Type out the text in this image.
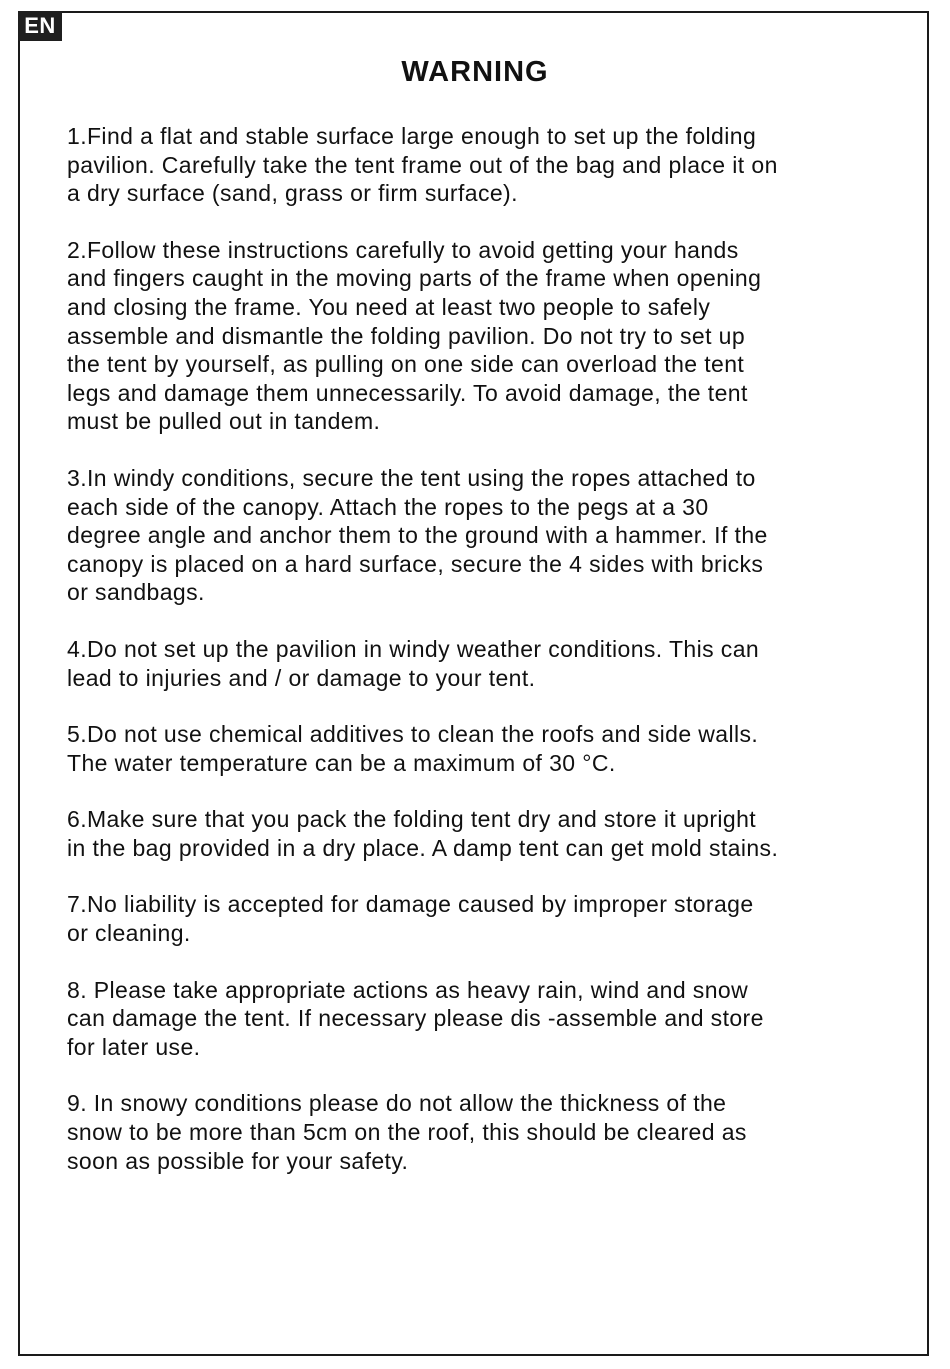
EN
WARNING

1.Find a flat and stable surface large enough to set up the folding
pavilion. Carefully take the tent frame out of the bag and place it on
a dry surface (sand, grass or firm surface).

2.Follow these instructions carefully to avoid getting your hands
and fingers caught in the moving parts of the frame when opening
and closing the frame. You need at least two people to safely
assemble and dismantle the folding pavilion. Do not try to set up
the tent by yourself, as pulling on one side can overload the tent
legs and damage them unnecessarily. To avoid damage, the tent
must be pulled out in tandem.

3.In windy conditions, secure the tent using the ropes attached to
each side of the canopy. Attach the ropes to the pegs at a 30
degree angle and anchor them to the ground with a hammer. If the
canopy is placed on a hard surface, secure the 4 sides with bricks
or sandbags.

4.Do not set up the pavilion in windy weather conditions. This can
lead to injuries and / or damage to your tent.

5.Do not use chemical additives to clean the roofs and side walls.
The water temperature can be a maximum of 30 °C.

6.Make sure that you pack the folding tent dry and store it upright
in the bag provided in a dry place. A damp tent can get mold stains.

7.No liability is accepted for damage caused by improper storage
or cleaning.

8. Please take appropriate actions as heavy rain, wind and snow
can damage the tent. If necessary please dis -assemble and store
for later use.

9. In snowy conditions please do not allow the thickness of the
snow to be more than 5cm on the roof, this should be cleared as
soon as possible for your safety.
